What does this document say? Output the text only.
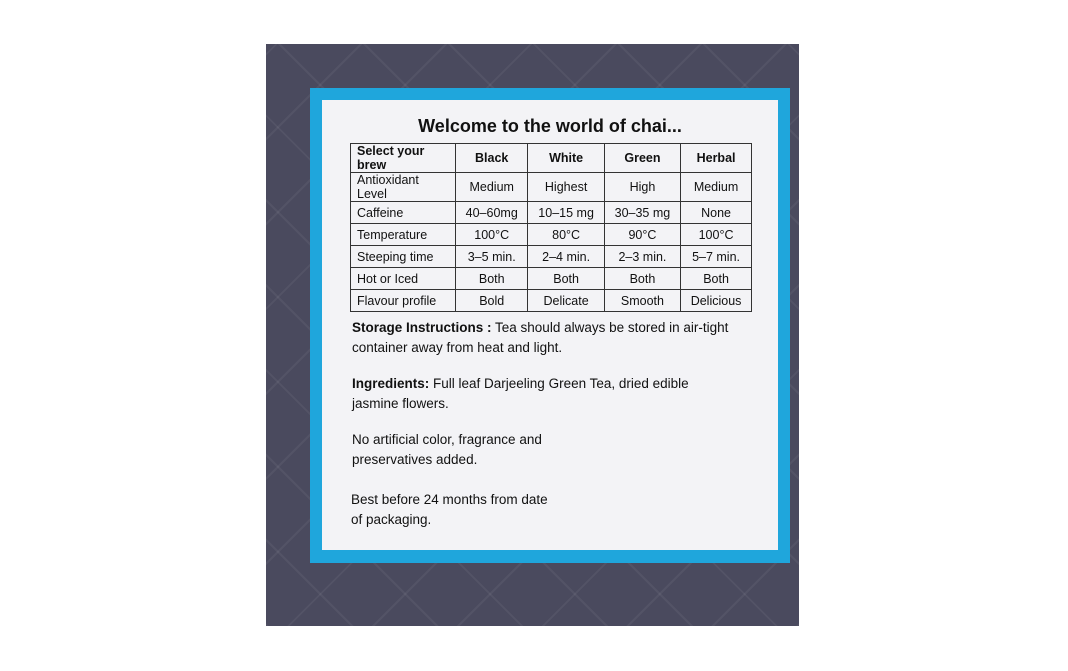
Welcome to the world of chai...
Select your brew	Black	White	Green	Herbal
Antioxidant Level	Medium	Highest	High	Medium
Caffeine	40–60mg	10–15 mg	30–35 mg	None
Temperature	100°C	80°C	90°C	100°C
Steeping time	3–5 min.	2–4 min.	2–3 min.	5–7 min.
Hot or Iced	Both	Both	Both	Both
Flavour profile	Bold	Delicate	Smooth	Delicious
Storage Instructions : Tea should always be stored in air-tight container away from heat and light.
Ingredients: Full leaf Darjeeling Green Tea, dried edible jasmine flowers.
No artificial color, fragrance and preservatives added.
Best before 24 months from date of packaging.
